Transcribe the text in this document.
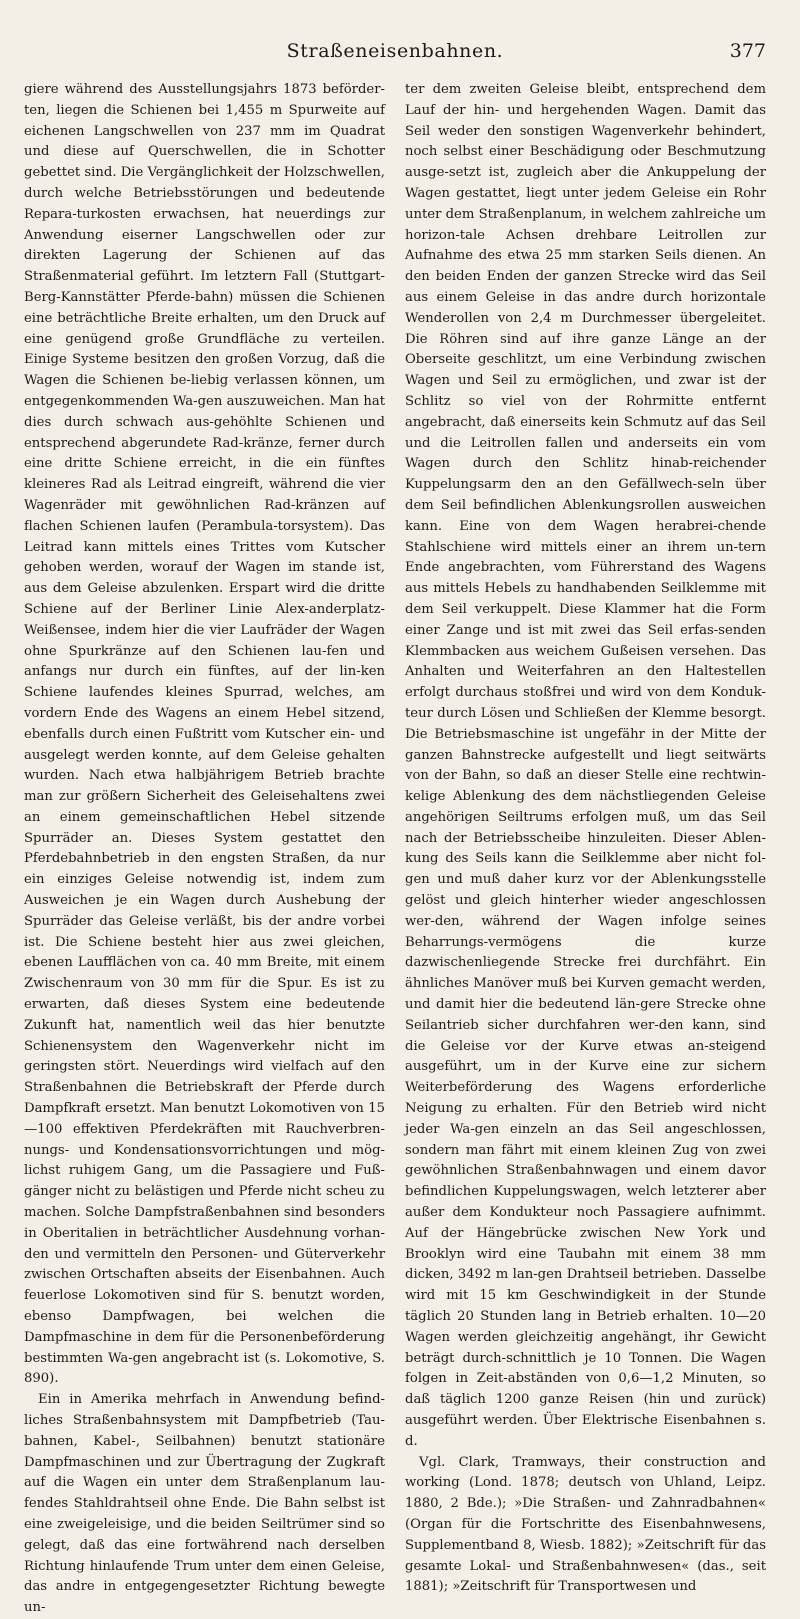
Straßeneisenbahnen.	377

giere während des Ausstellungsjahrs 1873 beförder-ten, liegen die Schienen bei 1,455 m Spurweite auf eichenen Langschwellen von 237 mm im Quadrat und diese auf Querschwellen, die in Schotter gebettet sind. Die Vergänglichkeit der Holzschwellen, durch welche Betriebsstörungen und bedeutende Repara-turkosten erwachsen, hat neuerdings zur Anwendung eiserner Langschwellen oder zur direkten Lagerung der Schienen auf das Straßenmaterial geführt. Im letztern Fall (Stuttgart-Berg-Kannstätter Pferde-bahn) müssen die Schienen eine beträchtliche Breite erhalten, um den Druck auf eine genügend große Grundfläche zu verteilen. Einige Systeme besitzen den großen Vorzug, daß die Wagen die Schienen be-liebig verlassen können, um entgegenkommenden Wa-gen auszuweichen. Man hat dies durch schwach aus-gehöhlte Schienen und entsprechend abgerundete Rad-kränze, ferner durch eine dritte Schiene erreicht, in die ein fünftes kleineres Rad als Leitrad eingreift, während die vier Wagenräder mit gewöhnlichen Rad-kränzen auf flachen Schienen laufen (Perambula-torsystem). Das Leitrad kann mittels eines Trittes vom Kutscher gehoben werden, worauf der Wagen im stande ist, aus dem Geleise abzulenken. Erspart wird die dritte Schiene auf der Berliner Linie Alex-anderplatz-Weißensee, indem hier die vier Laufräder der Wagen ohne Spurkränze auf den Schienen lau-fen und anfangs nur durch ein fünftes, auf der lin-ken Schiene laufendes kleines Spurrad, welches, am vordern Ende des Wagens an einem Hebel sitzend, ebenfalls durch einen Fußtritt vom Kutscher ein- und ausgelegt werden konnte, auf dem Geleise gehalten wurden. Nach etwa halbjährigem Betrieb brachte man zur größern Sicherheit des Geleisehaltens zwei an einem gemeinschaftlichen Hebel sitzende Spurräder an. Dieses System gestattet den Pferdebahnbetrieb in den engsten Straßen, da nur ein einziges Geleise notwendig ist, indem zum Ausweichen je ein Wagen durch Aushebung der Spurräder das Geleise verläßt, bis der andre vorbei ist. Die Schiene besteht hier aus zwei gleichen, ebenen Laufflächen von ca. 40 mm Breite, mit einem Zwischenraum von 30 mm für die Spur. Es ist zu erwarten, daß dieses System eine bedeutende Zukunft hat, namentlich weil das hier benutzte Schienensystem den Wagenverkehr nicht im geringsten stört. Neuerdings wird vielfach auf den Straßenbahnen die Betriebskraft der Pferde durch Dampfkraft ersetzt. Man benutzt Lokomotiven von 15—100 effektiven Pferdekräften mit Rauchverbren-nungs- und Kondensationsvorrichtungen und mög-lichst ruhigem Gang, um die Passagiere und Fuß-gänger nicht zu belästigen und Pferde nicht scheu zu machen. Solche Dampfstraßenbahnen sind besonders in Oberitalien in beträchtlicher Ausdehnung vorhan-den und vermitteln den Personen- und Güterverkehr zwischen Ortschaften abseits der Eisenbahnen. Auch feuerlose Lokomotiven sind für S. benutzt worden, ebenso Dampfwagen, bei welchen die Dampfmaschine in dem für die Personenbeförderung bestimmten Wa-gen angebracht ist (s. Lokomotive, S. 890).

Ein in Amerika mehrfach in Anwendung befind-liches Straßenbahnsystem mit Dampfbetrieb (Tau-bahnen, Kabel-, Seilbahnen) benutzt stationäre Dampfmaschinen und zur Übertragung der Zugkraft auf die Wagen ein unter dem Straßenplanum lau-fendes Stahldrahtseil ohne Ende. Die Bahn selbst ist eine zweigeleisige, und die beiden Seiltrümer sind so gelegt, daß das eine fortwährend nach derselben Richtung hinlaufende Trum unter dem einen Geleise, das andre in entgegengesetzter Richtung bewegte un-

ter dem zweiten Geleise bleibt, entsprechend dem Lauf der hin- und hergehenden Wagen. Damit das Seil weder den sonstigen Wagenverkehr behindert, noch selbst einer Beschädigung oder Beschmutzung ausge-setzt ist, zugleich aber die Ankuppelung der Wagen gestattet, liegt unter jedem Geleise ein Rohr unter dem Straßenplanum, in welchem zahlreiche um horizon-tale Achsen drehbare Leitrollen zur Aufnahme des etwa 25 mm starken Seils dienen. An den beiden Enden der ganzen Strecke wird das Seil aus einem Geleise in das andre durch horizontale Wenderollen von 2,4 m Durchmesser übergeleitet. Die Röhren sind auf ihre ganze Länge an der Oberseite geschlitzt, um eine Verbindung zwischen Wagen und Seil zu ermöglichen, und zwar ist der Schlitz so viel von der Rohrmitte entfernt angebracht, daß einerseits kein Schmutz auf das Seil und die Leitrollen fallen und anderseits ein vom Wagen durch den Schlitz hinab-reichender Kuppelungsarm den an den Gefällwech-seln über dem Seil befindlichen Ablenkungsrollen ausweichen kann. Eine von dem Wagen herabrei-chende Stahlschiene wird mittels einer an ihrem un-tern Ende angebrachten, vom Führerstand des Wagens aus mittels Hebels zu handhabenden Seilklemme mit dem Seil verkuppelt. Diese Klammer hat die Form einer Zange und ist mit zwei das Seil erfas-senden Klemmbacken aus weichem Gußeisen versehen. Das Anhalten und Weiterfahren an den Haltestellen erfolgt durchaus stoßfrei und wird von dem Konduk-teur durch Lösen und Schließen der Klemme besorgt. Die Betriebsmaschine ist ungefähr in der Mitte der ganzen Bahnstrecke aufgestellt und liegt seitwärts von der Bahn, so daß an dieser Stelle eine rechtwin-kelige Ablenkung des dem nächstliegenden Geleise angehörigen Seiltrums erfolgen muß, um das Seil nach der Betriebsscheibe hinzuleiten. Dieser Ablen-kung des Seils kann die Seilklemme aber nicht fol-gen und muß daher kurz vor der Ablenkungsstelle gelöst und gleich hinterher wieder angeschlossen wer-den, während der Wagen infolge seines Beharrungs-vermögens die kurze dazwischenliegende Strecke frei durchfährt. Ein ähnliches Manöver muß bei Kurven gemacht werden, und damit hier die bedeutend län-gere Strecke ohne Seilantrieb sicher durchfahren wer-den kann, sind die Geleise vor der Kurve etwas an-steigend ausgeführt, um in der Kurve eine zur sichern Weiterbeförderung des Wagens erforderliche Neigung zu erhalten. Für den Betrieb wird nicht jeder Wa-gen einzeln an das Seil angeschlossen, sondern man fährt mit einem kleinen Zug von zwei gewöhnlichen Straßenbahnwagen und einem davor befindlichen Kuppelungswagen, welch letzterer aber außer dem Kondukteur noch Passagiere aufnimmt. Auf der Hängebrücke zwischen New York und Brooklyn wird eine Taubahn mit einem 38 mm dicken, 3492 m lan-gen Drahtseil betrieben. Dasselbe wird mit 15 km Geschwindigkeit in der Stunde täglich 20 Stunden lang in Betrieb erhalten. 10—20 Wagen werden gleichzeitig angehängt, ihr Gewicht beträgt durch-schnittlich je 10 Tonnen. Die Wagen folgen in Zeit-abständen von 0,6—1,2 Minuten, so daß täglich 1200 ganze Reisen (hin und zurück) ausgeführt werden. Über Elektrische Eisenbahnen s. d.

Vgl. Clark, Tramways, their construction and working (Lond. 1878; deutsch von Uhland, Leipz. 1880, 2 Bde.); »Die Straßen- und Zahnradbahnen« (Organ für die Fortschritte des Eisenbahnwesens, Supplementband 8, Wiesb. 1882); »Zeitschrift für das gesamte Lokal- und Straßenbahnwesen« (das., seit 1881); »Zeitschrift für Transportwesen und
